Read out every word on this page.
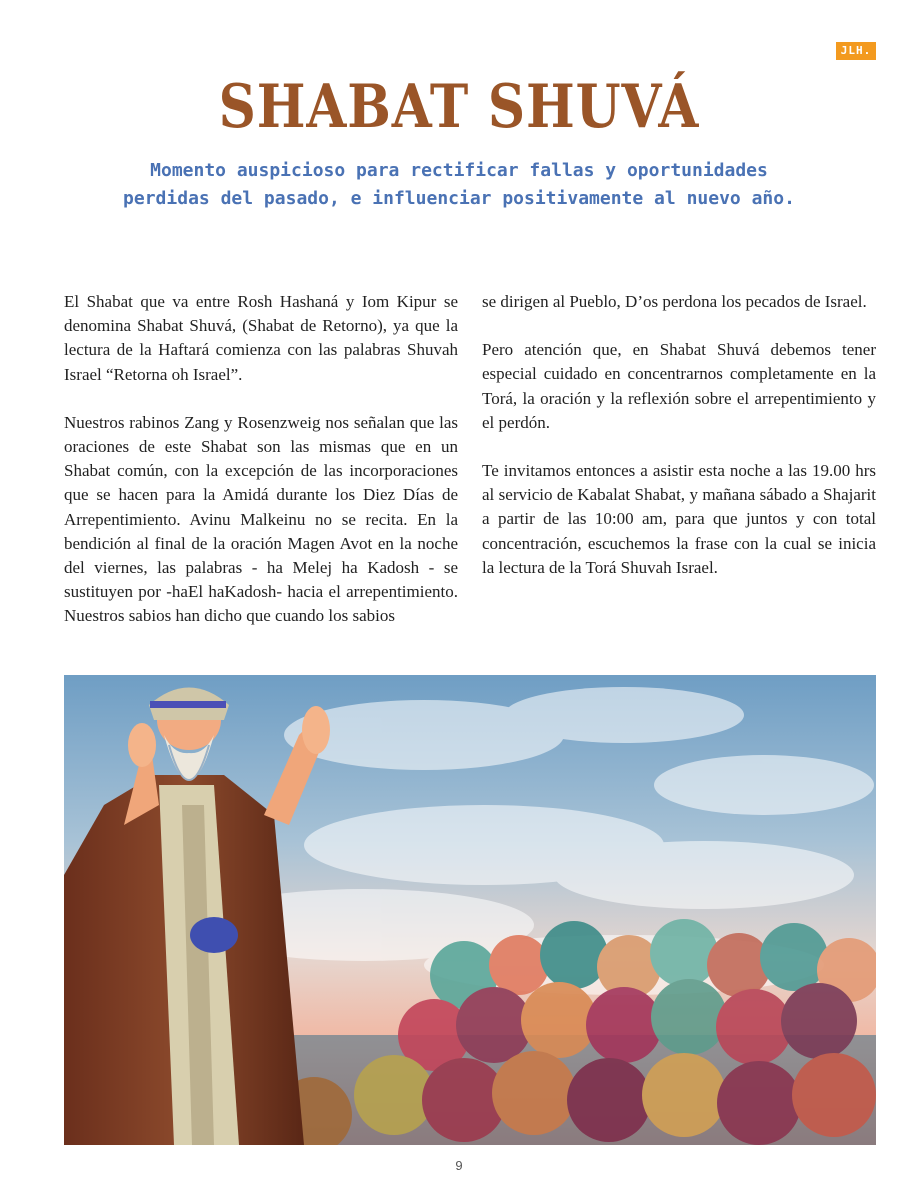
JLH.
SHABAT SHUVÁ
Momento auspicioso para rectificar fallas y oportunidades
perdidas del pasado, e influenciar positivamente al nuevo año.

El Shabat que va entre Rosh Hashaná y Iom Kipur se denomina Shabat Shuvá, (Shabat de Retorno), ya que la lectura de la Haftará comienza con las palabras Shuvah Israel “Retorna oh Israel”.

Nuestros rabinos Zang y Rosenzweig nos señalan que las oraciones de este Shabat son las mismas que en un Shabat común, con la excepción de las incorporaciones que se hacen para la Amidá durante los Diez Días de Arrepentimiento. Avinu Malkeinu no se recita. En la bendición al final de la oración Magen Avot en la noche del viernes, las palabras - ha Melej ha Kadosh - se sustituyen por -haEl haKadosh- hacia el arrepentimiento. Nuestros sabios han dicho que cuando los sabios

se dirigen al Pueblo, D’os perdona los pecados de Israel.

Pero atención que, en Shabat Shuvá debemos tener especial cuidado en concentrarnos completamente en la Torá, la oración y la reflexión sobre el arrepentimiento y el perdón.

Te invitamos entonces a asistir esta noche a las 19.00 hrs al servicio de Kabalat Shabat, y mañana sábado a Shajarit a partir de las 10:00 am, para que juntos y con total concentración, escuchemos la frase con la cual se inicia la lectura de la Torá Shuvah Israel.

9
